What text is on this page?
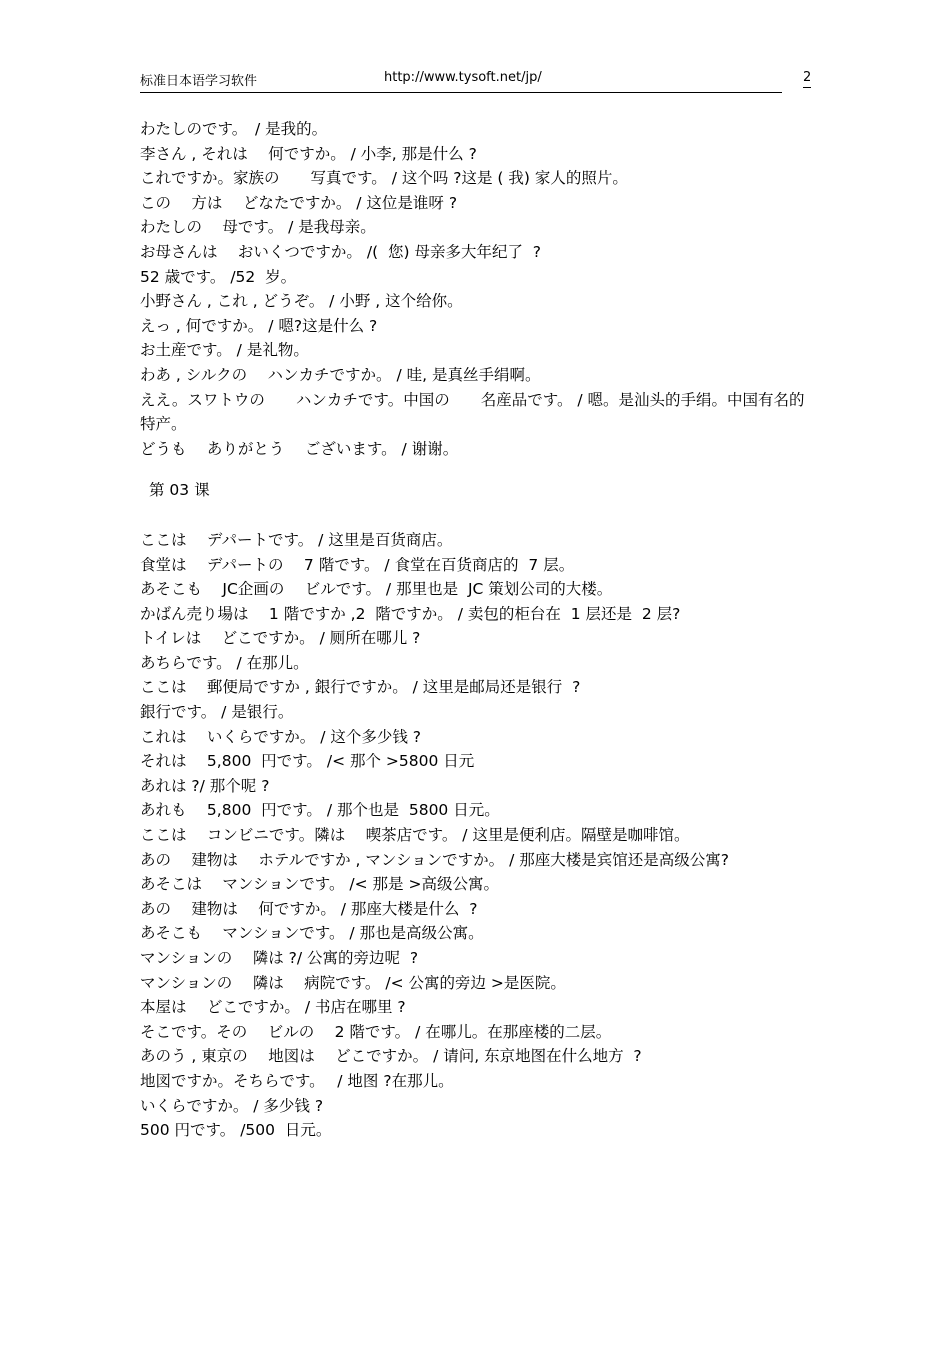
标准日本语学习软件	http://www.tysoft.net/jp/	2
わたしのです。　/ 是我的。
李さん , それは　 何ですか。 / 小李, 那是什么 ?
これですか。家族の　　写真です。 / 这个吗 ?这是 ( 我) 家人的照片。
この　 方は　 どなたですか。 / 这位是谁呀 ?
わたしの　 母です。 / 是我母亲。
お母さんは　 おいくつですか。 /(  您) 母亲多大年纪了  ?
52 歳です。 /52  岁。
小野さん , これ , どうぞ。 / 小野 , 这个给你。
えっ , 何ですか。 / 嗯?这是什么 ?
お土産です。 / 是礼物。
わあ , シルクの　 ハンカチですか。 / 哇, 是真丝手绢啊。
ええ。スワトウの　　ハンカチです。中国の　　名産品です。 / 嗯。是汕头的手绢。中国有名的特产。
どうも　 ありがとう　 ございます。 / 谢谢。
第 03 课
ここは　 デパートです。 / 这里是百货商店。
食堂は　 デパートの　 7 階です。 / 食堂在百货商店的  7 层。
あそこも　 JC企画の　 ビルです。 / 那里也是  JC 策划公司的大楼。
かばん売り場は　 1 階ですか ,2  階ですか。 / 卖包的柜台在  1 层还是  2 层?
トイレは　 どこですか。 / 厕所在哪儿 ?
あちらです。 / 在那儿。
ここは　 郵便局ですか , 銀行ですか。 / 这里是邮局还是银行  ?
銀行です。 / 是银行。
これは　 いくらですか。 / 这个多少钱 ?
それは　 5,800  円です。 /< 那个 >5800 日元
あれは ?/ 那个呢 ?
あれも　 5,800  円です。 / 那个也是  5800 日元。
ここは　 コンビニです。隣は　 喫茶店です。 / 这里是便利店。隔壁是咖啡馆。
あの　 建物は　 ホテルですか , マンションですか。 / 那座大楼是宾馆还是高级公寓?
あそこは　 マンションです。 /< 那是 >高级公寓。
あの　 建物は　 何ですか。 / 那座大楼是什么  ?
あそこも　 マンションです。 / 那也是高级公寓。
マンションの　 隣は ?/ 公寓的旁边呢  ?
マンションの　 隣は　 病院です。 /< 公寓的旁边 >是医院。
本屋は　 どこですか。 / 书店在哪里 ?
そこです。その　 ビルの　 2 階です。 / 在哪儿。在那座楼的二层。
あのう , 東京の　 地図は　 どこですか。 / 请问, 东京地图在什么地方  ?
地図ですか。そちらです。　 / 地图 ?在那儿。
いくらですか。 / 多少钱 ?
500 円です。 /500  日元。
